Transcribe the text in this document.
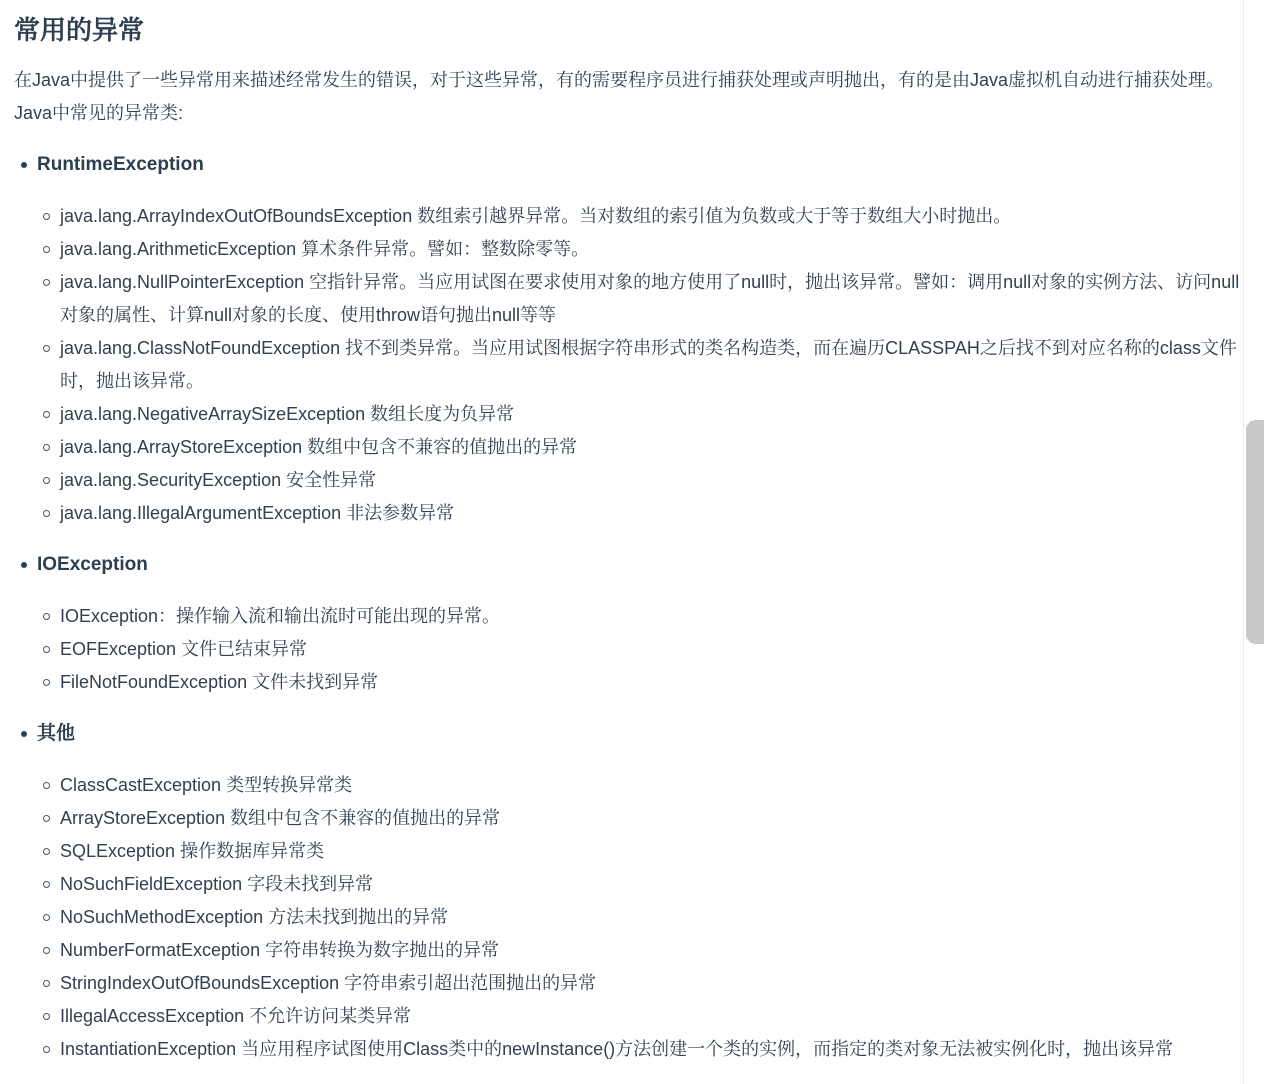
常用的异常

在Java中提供了一些异常用来描述经常发生的错误，对于这些异常，有的需要程序员进行捕获处理或声明抛出，有的是由Java虚拟机自动进行捕获处理。Java中常见的异常类:

RuntimeException
java.lang.ArrayIndexOutOfBoundsException 数组索引越界异常。当对数组的索引值为负数或大于等于数组大小时抛出。
java.lang.ArithmeticException 算术条件异常。譬如：整数除零等。
java.lang.NullPointerException 空指针异常。当应用试图在要求使用对象的地方使用了null时，抛出该异常。譬如：调用null对象的实例方法、访问null对象的属性、计算null对象的长度、使用throw语句抛出null等等
java.lang.ClassNotFoundException 找不到类异常。当应用试图根据字符串形式的类名构造类，而在遍历CLASSPAH之后找不到对应名称的class文件时，抛出该异常。
java.lang.NegativeArraySizeException 数组长度为负异常
java.lang.ArrayStoreException 数组中包含不兼容的值抛出的异常
java.lang.SecurityException 安全性异常
java.lang.IllegalArgumentException 非法参数异常
IOException
IOException：操作输入流和输出流时可能出现的异常。
EOFException 文件已结束异常
FileNotFoundException 文件未找到异常
其他
ClassCastException 类型转换异常类
ArrayStoreException 数组中包含不兼容的值抛出的异常
SQLException 操作数据库异常类
NoSuchFieldException 字段未找到异常
NoSuchMethodException 方法未找到抛出的异常
NumberFormatException 字符串转换为数字抛出的异常
StringIndexOutOfBoundsException 字符串索引超出范围抛出的异常
IllegalAccessException 不允许访问某类异常
InstantiationException 当应用程序试图使用Class类中的newInstance()方法创建一个类的实例，而指定的类对象无法被实例化时，抛出该异常
